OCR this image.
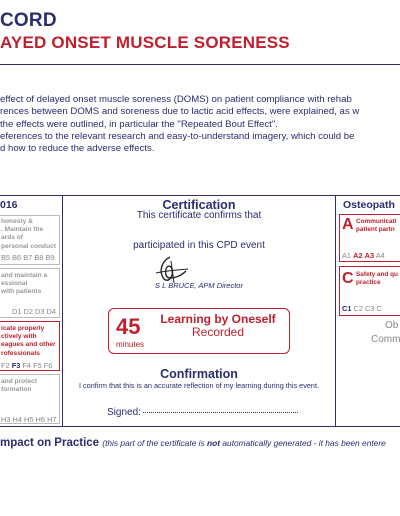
CORD
AYED ONSET MUSCLE SORENESS
effect of delayed onset muscle soreness (DOMS) on patient compliance with rehab
rences between DOMS and soreness due to lactic acid effects, were explained, as w
the effects were outlined, in particular the "Repeated Bout Effect".
eferences to the relevant research and easy-to-understand imagery, which could be
d how to reduce the adverse effects.
016
honesty &
. Maintain the
ards of
personal conduct
B5 B6 B7 B8 B9
and maintain a
essional
with patients
D1 D2 D3 D4
icate properly
ctively with
eagues and other
rofessionals
F2 F3 F4 F5 F6
and protect
formation
H3 H4 H5 H6 H7
Certification
This certificate confirms that
participated in this CPD event
S L BRUCE, APM Director
45
minutes
Learning by Oneself
Recorded
Confirmation
I confirm that this is an accurate reflection of my learning during this event.
Signed:
Osteopath
A Communicati
patient partn
A1 A2 A3 A4
C Safety and qu
practice
C1 C2 C3 C
Ob
Comm
mpact on Practice (this part of the certificate is not automatically generated - it has been entere
